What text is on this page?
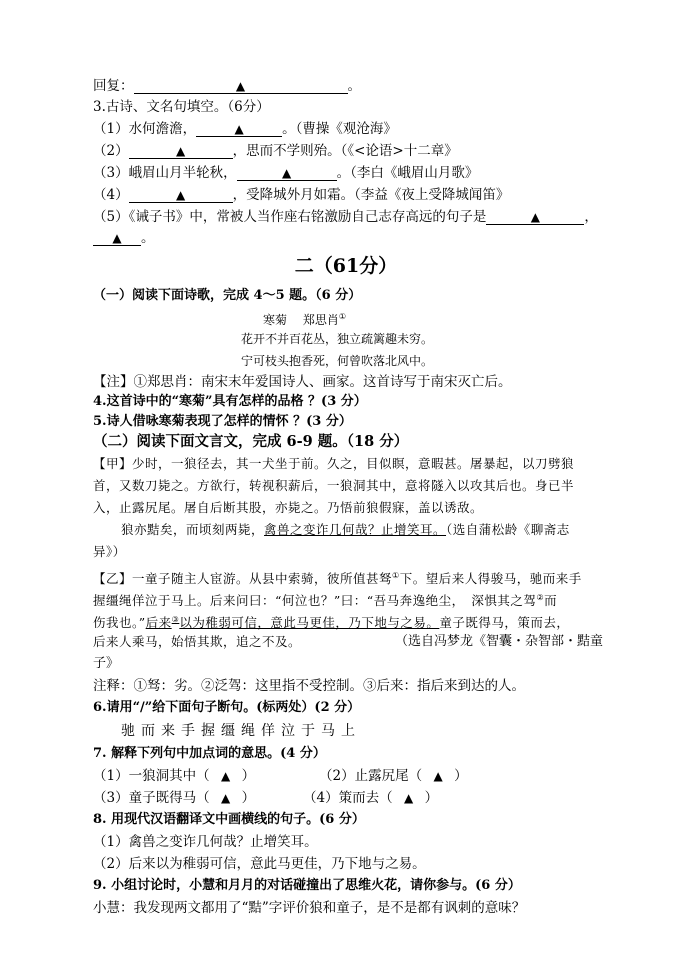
回复：	▲	。
3.古诗、文名句填空。（6分）
（1）水何澹澹，	▲	。（曹操《观沧海》
（2）	▲	，思而不学则殆。（《<论语>十二章》
（3）峨眉山月半轮秋，	▲	。（李白《峨眉山月歌》
（4）	▲	，受降城外月如霜。（李益《夜上受降城闻笛》
（5）《诫子书》中，常被人当作座右铭激励自己志存高远的句子是	▲	，
▲ 。
二（61分）
（一）阅读下面诗歌，完成 4～5 题。（6 分）
寒菊　 郑思肖①
花开不并百花丛，独立疏篱趣未穷。
宁可枝头抱香死，何曾吹落北风中。
【注】①郑思肖：南宋末年爱国诗人、画家。这首诗写于南宋灭亡后。
4.这首诗中的“寒菊”具有怎样的品格 ？(3 分）
5.诗人借咏寒菊表现了怎样的情怀 ？(3 分）
（二）阅读下面文言文，完成 6-9 题。（18 分）
【甲】少时，一狼径去，其一犬坐于前。久之，目似瞑，意暇甚。屠暴起，以刀劈狼
首，又数刀毙之。方欲行，转视积薪后，一狼洞其中，意将隧入以攻其后也。身已半
入，止露尻尾。屠自后断其股，亦毙之。乃悟前狼假寐，盖以诱敌。
狼亦黠矣，而顷刻两毙，禽兽之变诈几何哉？止增笑耳。（选自蒲松龄《聊斋志
异》）
【乙】一童子随主人宦游。从县中索骑，彼所值甚驽①下。望后来人得骏马，驰而来手
握缰绳佯泣于马上。后来问曰：“何泣也？”曰：“吾马奔逸绝尘，　深惧其之驾②而
伤我也。”后来③以为稚弱可信，意此马更佳，乃下地与之易。童子既得马，策而去，
后来人乘马，始悟其欺，追之不及。	（选自冯梦龙《智囊・杂智部・黠童
子》
注释：①驽：劣。②泛驾：这里指不受控制。③后来：指后来到达的人。
6.请用“/”给下面句子断句。(标两处）(2 分）
驰而来手握缰绳佯泣于马上
7. 解释下列句中加点词的意思。(4 分）
（1）一狼洞其中（ ▲ ）	（2）止露尻尾（ ▲ ）
（3）童子既得马（ ▲ ）	（4）策而去（ ▲ ）
8. 用现代汉语翻译文中画横线的句子。(6 分）
（1）禽兽之变诈几何哉？止增笑耳。
（2）后来以为稚弱可信，意此马更佳，乃下地与之易。
9. 小组讨论时，小慧和月月的对话碰撞出了思维火花，请你参与。(6 分）
小慧：我发现两文都用了“黠”字评价狼和童子，是不是都有讽刺的意味？
